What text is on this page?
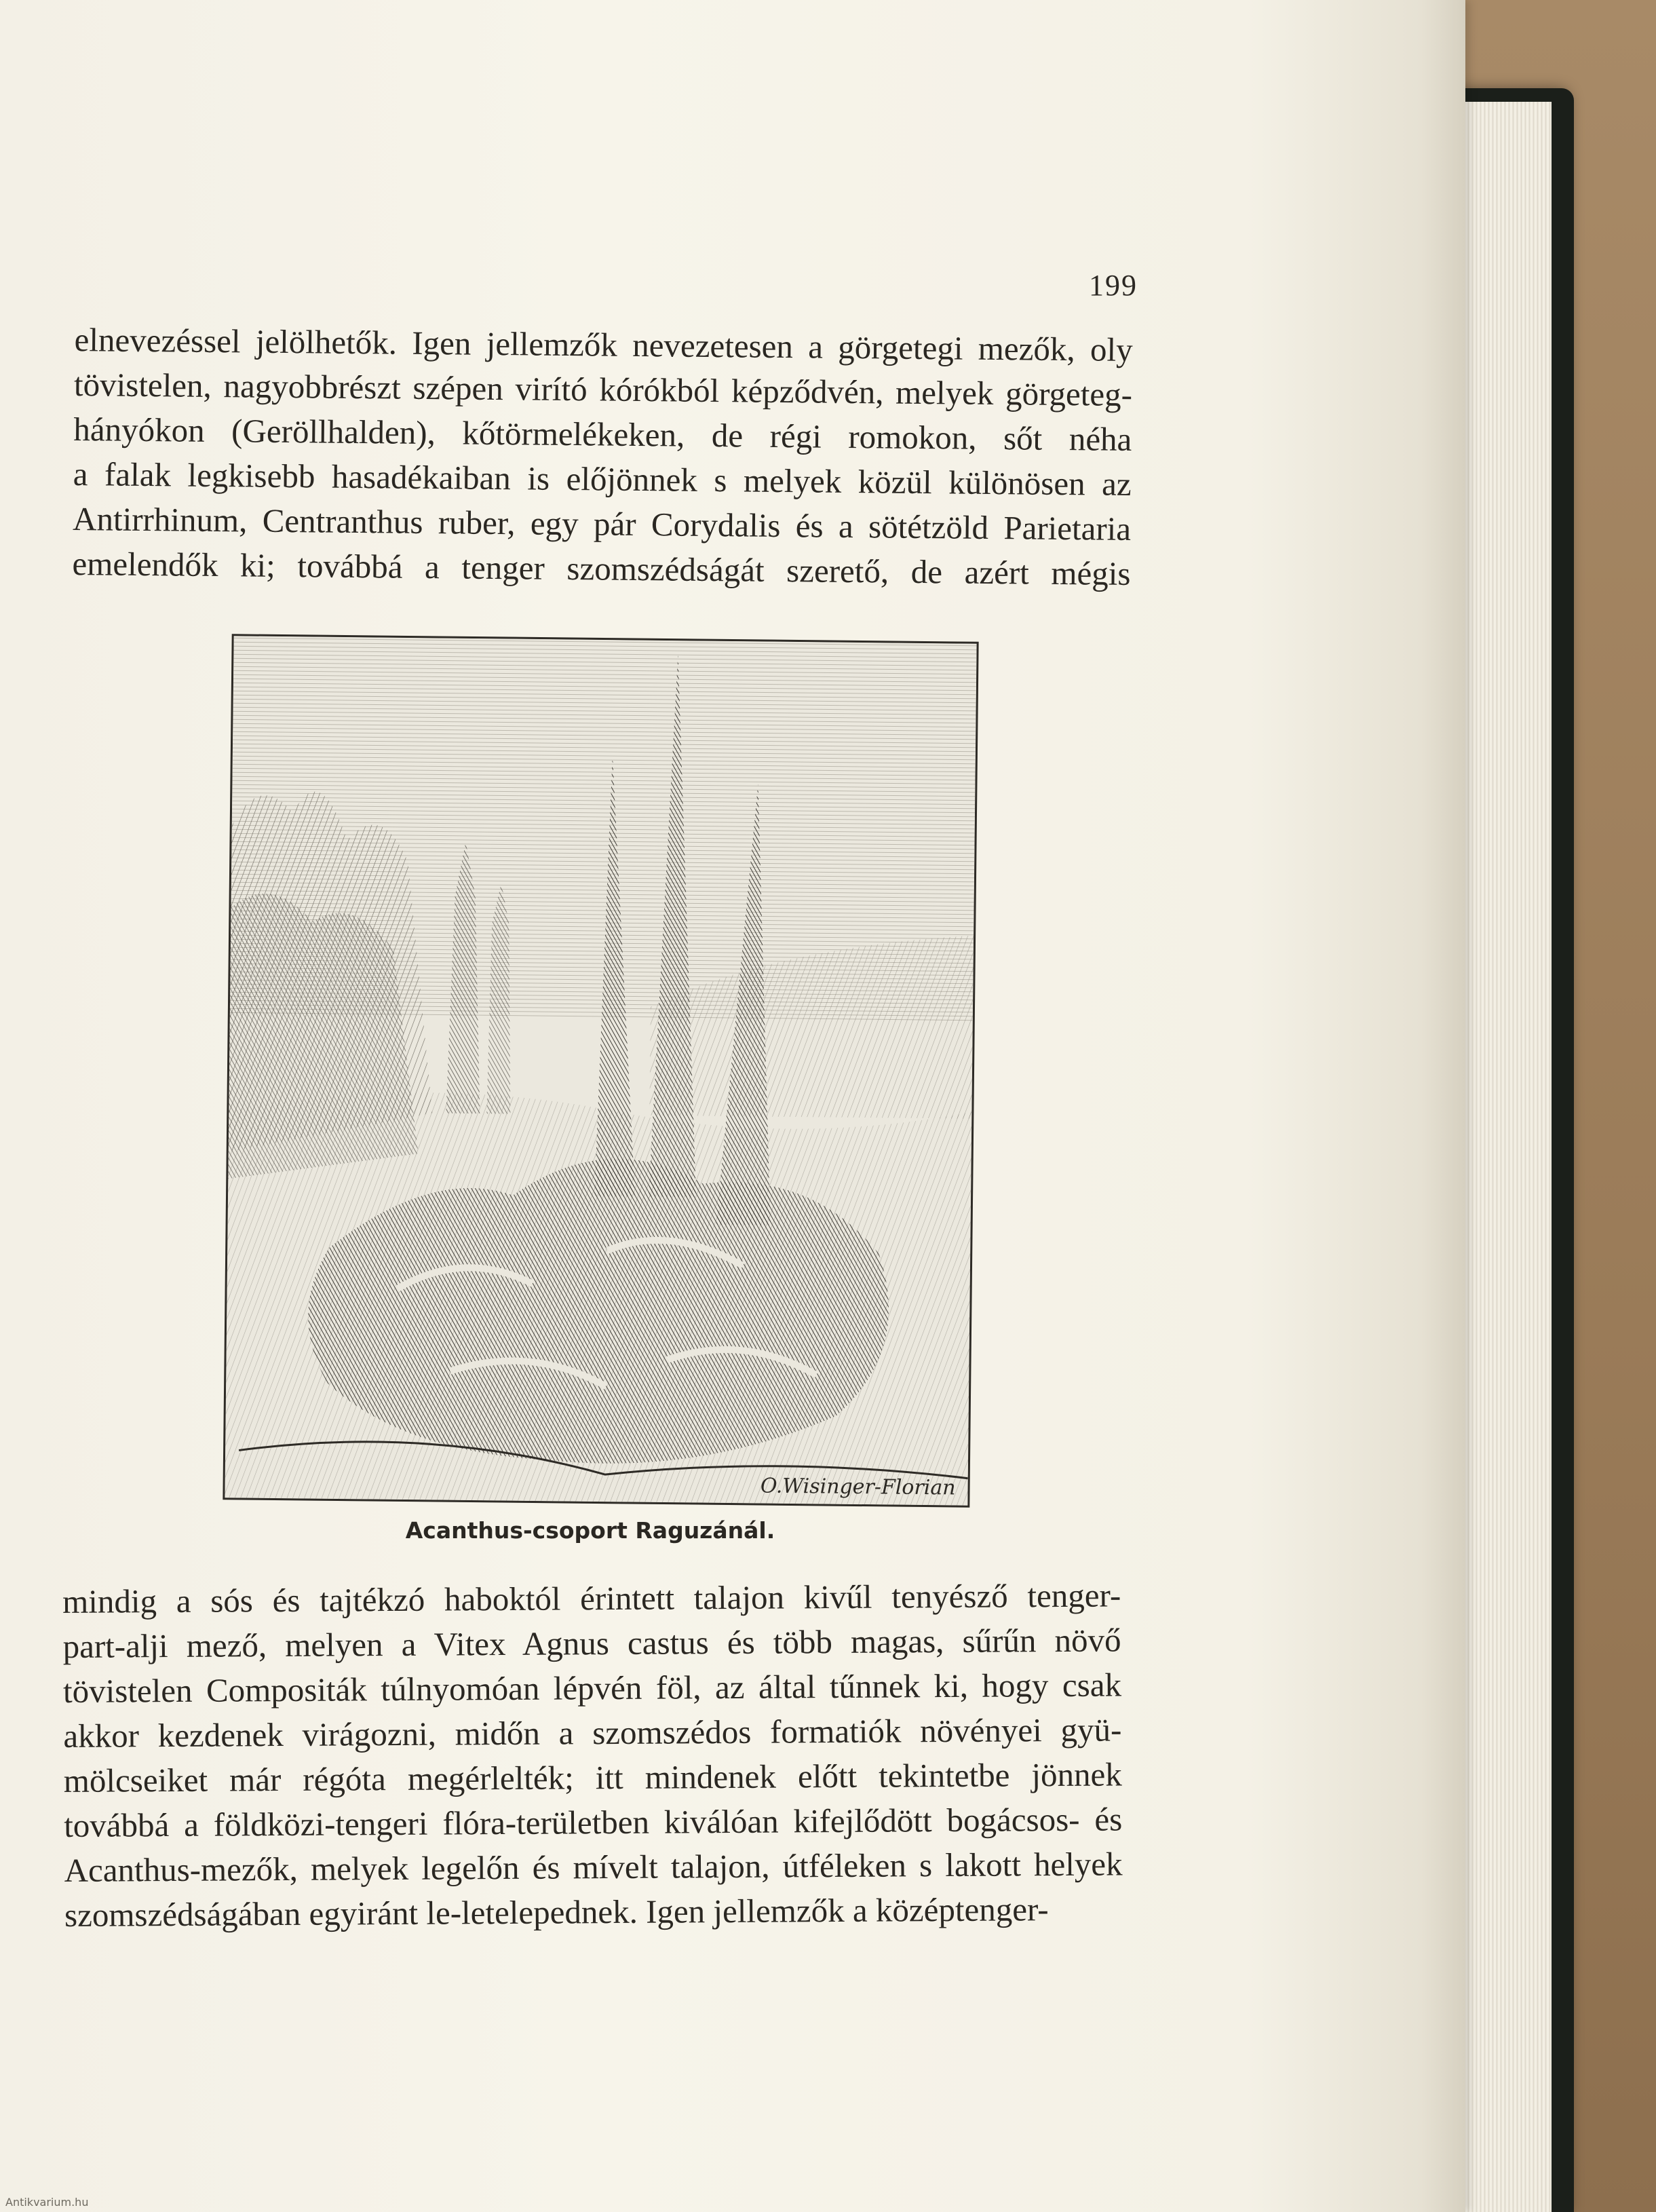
199
elnevezéssel jelölhetők. Igen jellemzők nevezetesen a görgetegi mezők, oly
tövistelen, nagyobbrészt szépen virító kórókból képződvén, melyek görgeteg-
hányókon (Geröllhalden), kőtörmelékeken, de régi romokon, sőt néha
a falak legkisebb hasadékaiban is előjönnek s melyek közül különösen az
Antirrhinum, Centranthus ruber, egy pár Corydalis és a sötétzöld Parietaria
emelendők ki; továbbá a tenger szomszédságát szerető, de azért mégis
O.Wisinger-Florian
Acanthus-csoport Raguzánál.
mindig a sós és tajtékzó haboktól érintett talajon kivűl tenyésző tenger-
part-alji mező, melyen a Vitex Agnus castus és több magas, sűrűn növő
tövistelen Compositák túlnyomóan lépvén föl, az által tűnnek ki, hogy csak
akkor kezdenek virágozni, midőn a szomszédos formatiók növényei gyü-
mölcseiket már régóta megérlelték; itt mindenek előtt tekintetbe jönnek
továbbá a földközi-tengeri flóra-területben kiválóan kifejlődött bogácsos- és
Acanthus-mezők, melyek legelőn és mívelt talajon, útféleken s lakott helyek
szomszédságában egyiránt le-letelepednek. Igen jellemzők a középtenger-
Antikvarium.hu
